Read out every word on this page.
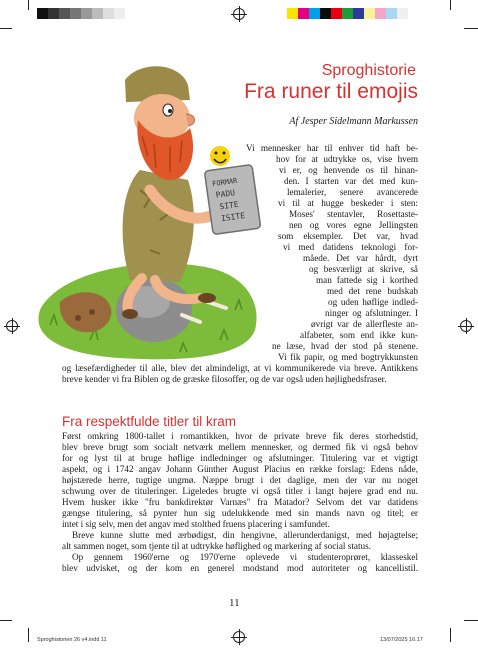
FORMAR
PADU
SITE
ISITE
Sproghistorie
Fra runer til emojis
Af Jesper Sidelmann Markussen
Vi mennesker har til enhver tid haft be-
hov for at udtrykke os, vise hvem
vi er, og henvende os til hinan-
den. I starten var det med kun-
lemalerier, senere avancerede
vi til at hugge beskeder i sten:
Moses' stentavler, Rosettaste-
nen og vores egne Jellingsten
som eksempler. Det var, hvad
vi med datidens teknologi for-
måede. Det var hårdt, dyrt
og besværligt at skrive, så
man fattede sig i korthed
med det rene budskab
og uden høflige indled-
ninger og afslutninger. I
øvrigt var de allerfleste an-
alfabeter, som end ikke kun-
ne læse, hvad der stod på stenene.
Vi fik papir, og med bogtrykkunsten
og læsefærdigheder til alle, blev det almindeligt, at vi kommunikerede via breve. Antikkens
breve kender vi fra Biblen og de græske filosoffer, og de var også uden højlighedsfraser.
Fra respektfulde titler til kram
Først omkring 1800-tallet i romantikken, hvor de private breve fik deres storhedstid,
blev breve brugt som socialt netværk mellem mennesker, og dermed fik vi også behov
for og lyst til at bruge høflige indledninger og afslutninger. Titulering var et vigtigt
aspekt, og i 1742 angav Johann Günther August Placius en række forslag: Edens nåde,
højstærede herre, tugtige ungmø. Næppe brugt i det daglige, men der var nu noget
schwung over de tituleringer. Ligeledes brugte vi også titler i langt højere grad end nu.
Hvem husker ikke "fru bankdirektør Varnæs" fra Matador? Selvom det var datidens
gængse titulering, så pynter hun sig udelukkende med sin mands navn og titel; er
intet i sig selv, men det angav med stolthed fruens placering i samfundet.
Breve kunne slutte med ærbødigst, din hengivne, allerunderdanigst, med højagtelse;
alt sammen noget, som tjente til at udtrykke høflighed og markering af social status.
Op gennem 1960'erne og 1970'erne oplevede vi studenteroprøret, klasseskel
blev udvisket, og der kom en generel modstand mod autoriteter og kancellistil.
11
Sproghistorien 26 v4.indd 11	13/07/2025 16.17
